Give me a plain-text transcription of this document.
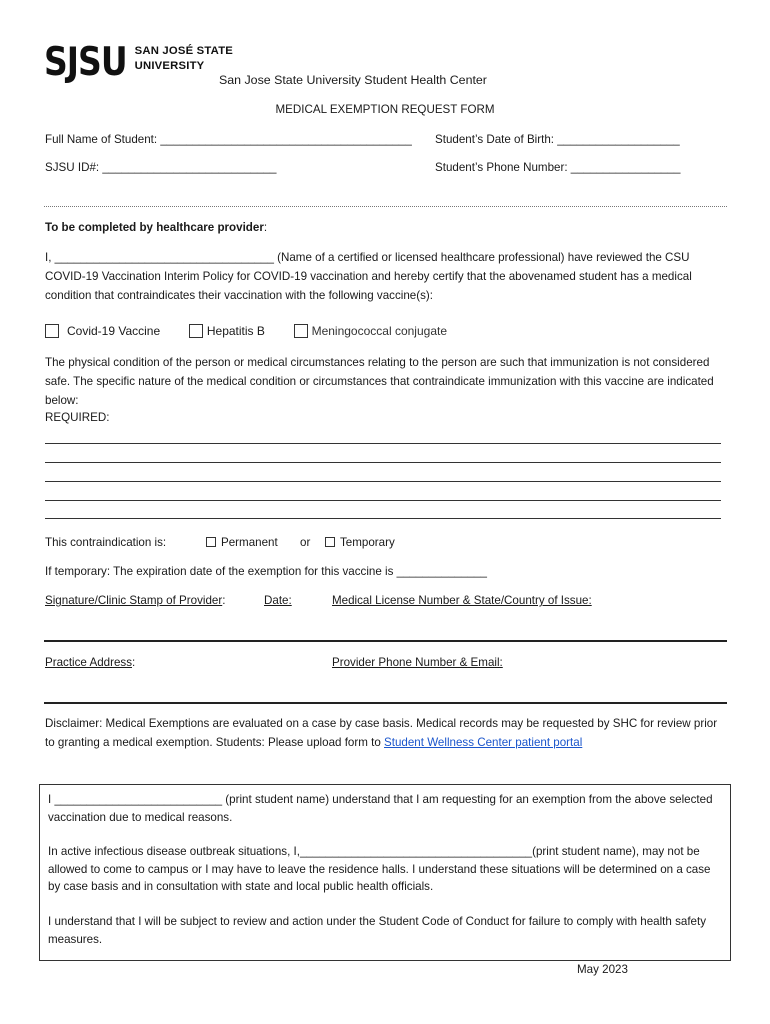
SJSU SAN JOSÉ STATE
UNIVERSITY
San Jose State University Student Health Center
MEDICAL EXEMPTION REQUEST FORM
Full Name of Student: _______________________________________ Student’s Date of Birth: ___________________
SJSU ID#: ___________________________	Student’s Phone Number: _________________
To be completed by healthcare provider:
I, __________________________________ (Name of a certified or licensed healthcare professional) have reviewed the CSU COVID-19 Vaccination Interim Policy for COVID-19 vaccination and hereby certify that the abovenamed student has a medical condition that contraindicates their vaccination with the following vaccine(s):
Covid-19 Vaccine	Hepatitis B	Meningococcal conjugate
The physical condition of the person or medical circumstances relating to the person are such that immunization is not considered safe. The specific nature of the medical condition or circumstances that contraindicate immunization with this vaccine are indicated below:
REQUIRED:
This contraindication is:	Permanent or	Temporary
If temporary: The expiration date of the exemption for this vaccine is ______________
Signature/Clinic Stamp of Provider:	Date:	Medical License Number & State/Country of Issue:
Practice Address:	Provider Phone Number & Email:
Disclaimer: Medical Exemptions are evaluated on a case by case basis. Medical records may be requested by SHC for review prior to granting a medical exemption. Students: Please upload form to Student Wellness Center patient portal

I __________________________ (print student name) understand that I am requesting for an exemption from the above selected vaccination due to medical reasons.

In active infectious disease outbreak situations, I,____________________________________(print student name), may not be allowed to come to campus or I may have to leave the residence halls. I understand these situations will be determined on a case by case basis and in consultation with state and local public health officials.

I understand that I will be subject to review and action under the Student Code of Conduct for failure to comply with health safety measures.

May 2023
